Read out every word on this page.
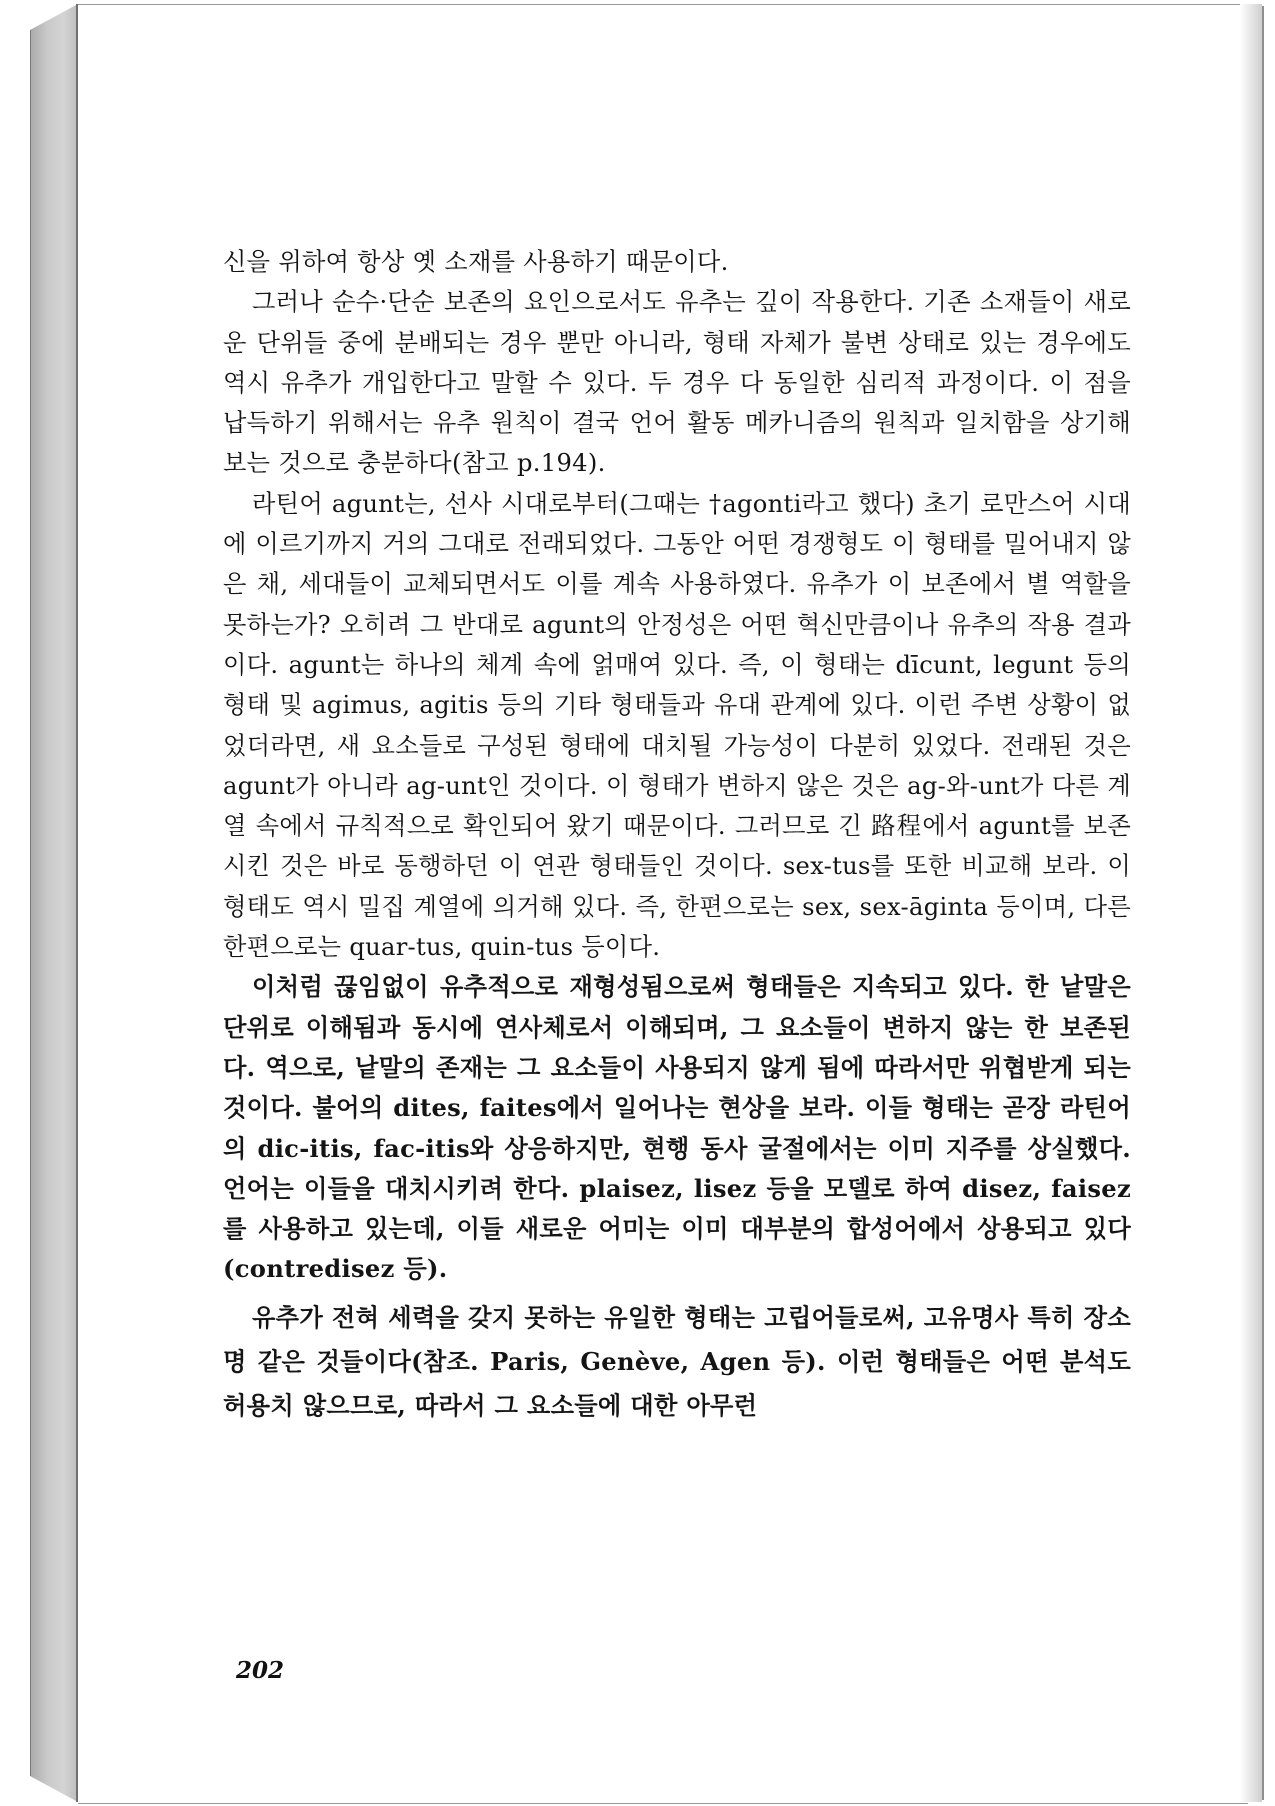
신을 위하여 항상 옛 소재를 사용하기 때문이다.

그러나 순수·단순 보존의 요인으로서도 유추는 깊이 작용한다. 기존 소재들이 새로운 단위들 중에 분배되는 경우 뿐만 아니라, 형태 자체가 불변 상태로 있는 경우에도 역시 유추가 개입한다고 말할 수 있다. 두 경우 다 동일한 심리적 과정이다. 이 점을 납득하기 위해서는 유추 원칙이 결국 언어 활동 메카니즘의 원칙과 일치함을 상기해 보는 것으로 충분하다(참고 p.194).

라틴어 agunt는, 선사 시대로부터(그때는 †agonti라고 했다) 초기 로만스어 시대에 이르기까지 거의 그대로 전래되었다. 그동안 어떤 경쟁형도 이 형태를 밀어내지 않은 채, 세대들이 교체되면서도 이를 계속 사용하였다. 유추가 이 보존에서 별 역할을 못하는가? 오히려 그 반대로 agunt의 안정성은 어떤 혁신만큼이나 유추의 작용 결과이다. agunt는 하나의 체계 속에 얽매여 있다. 즉, 이 형태는 dīcunt, legunt 등의 형태 및 agimus, agitis 등의 기타 형태들과 유대 관계에 있다. 이런 주변 상황이 없었더라면, 새 요소들로 구성된 형태에 대치될 가능성이 다분히 있었다. 전래된 것은 agunt가 아니라 ag-unt인 것이다. 이 형태가 변하지 않은 것은 ag-와-unt가 다른 계열 속에서 규칙적으로 확인되어 왔기 때문이다. 그러므로 긴 路程에서 agunt를 보존시킨 것은 바로 동행하던 이 연관 형태들인 것이다. sex-tus를 또한 비교해 보라. 이 형태도 역시 밀집 계열에 의거해 있다. 즉, 한편으로는 sex, sex-āginta 등이며, 다른 한편으로는 quar-tus, quin-tus 등이다.

이처럼 끊임없이 유추적으로 재형성됨으로써 형태들은 지속되고 있다. 한 낱말은 단위로 이해됨과 동시에 연사체로서 이해되며, 그 요소들이 변하지 않는 한 보존된다. 역으로, 낱말의 존재는 그 요소들이 사용되지 않게 됨에 따라서만 위협받게 되는 것이다. 불어의 dites, faites에서 일어나는 현상을 보라. 이들 형태는 곧장 라틴어의 dic-itis, fac-itis와 상응하지만, 현행 동사 굴절에서는 이미 지주를 상실했다. 언어는 이들을 대치시키려 한다. plaisez, lisez 등을 모델로 하여 disez, faisez를 사용하고 있는데, 이들 새로운 어미는 이미 대부분의 합성어에서 상용되고 있다(contredisez 등).

유추가 전혀 세력을 갖지 못하는 유일한 형태는 고립어들로써, 고유명사 특히 장소명 같은 것들이다(참조. Paris, Genève, Agen 등). 이런 형태들은 어떤 분석도 허용치 않으므로, 따라서 그 요소들에 대한 아무런

202
